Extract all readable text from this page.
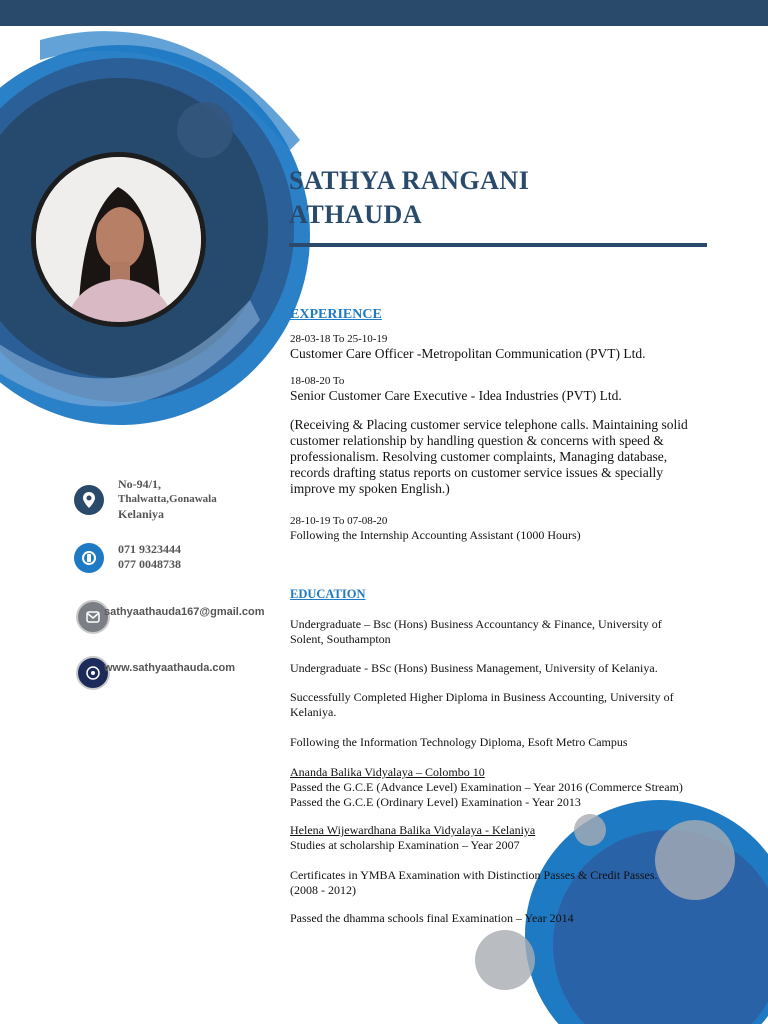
SATHYA RANGANI
ATHAUDA
No-94/1,
Thalwatta,Gonawala
Kelaniya
071 9323444
077 0048738
sathyaathauda167@gmail.com
www.sathyaathauda.com
EXPERIENCE
28-03-18 To 25-10-19
Customer Care Officer -Metropolitan Communication (PVT) Ltd.
18-08-20 To
Senior Customer Care Executive - Idea Industries (PVT) Ltd.
(Receiving & Placing customer service telephone calls. Maintaining solid customer relationship by handling question & concerns with speed & professionalism. Resolving customer complaints, Managing database, records drafting status reports on customer service issues & specially improve my spoken English.)
28-10-19 To 07-08-20
Following the Internship Accounting Assistant (1000 Hours)
EDUCATION
Undergraduate – Bsc (Hons) Business Accountancy & Finance, University of Solent, Southampton
Undergraduate - BSc (Hons) Business Management, University of Kelaniya.
Successfully Completed Higher Diploma in Business Accounting, University of Kelaniya.
Following the Information Technology Diploma, Esoft Metro Campus
Ananda Balika Vidyalaya – Colombo 10
Passed the G.C.E (Advance Level) Examination – Year 2016 (Commerce Stream)
Passed the G.C.E (Ordinary Level) Examination - Year 2013
Helena Wijewardhana Balika Vidyalaya - Kelaniya
Studies at scholarship Examination – Year 2007
Certificates in YMBA Examination with Distinction Passes & Credit Passes.
(2008 - 2012)
Passed the dhamma schools final Examination – Year 2014
